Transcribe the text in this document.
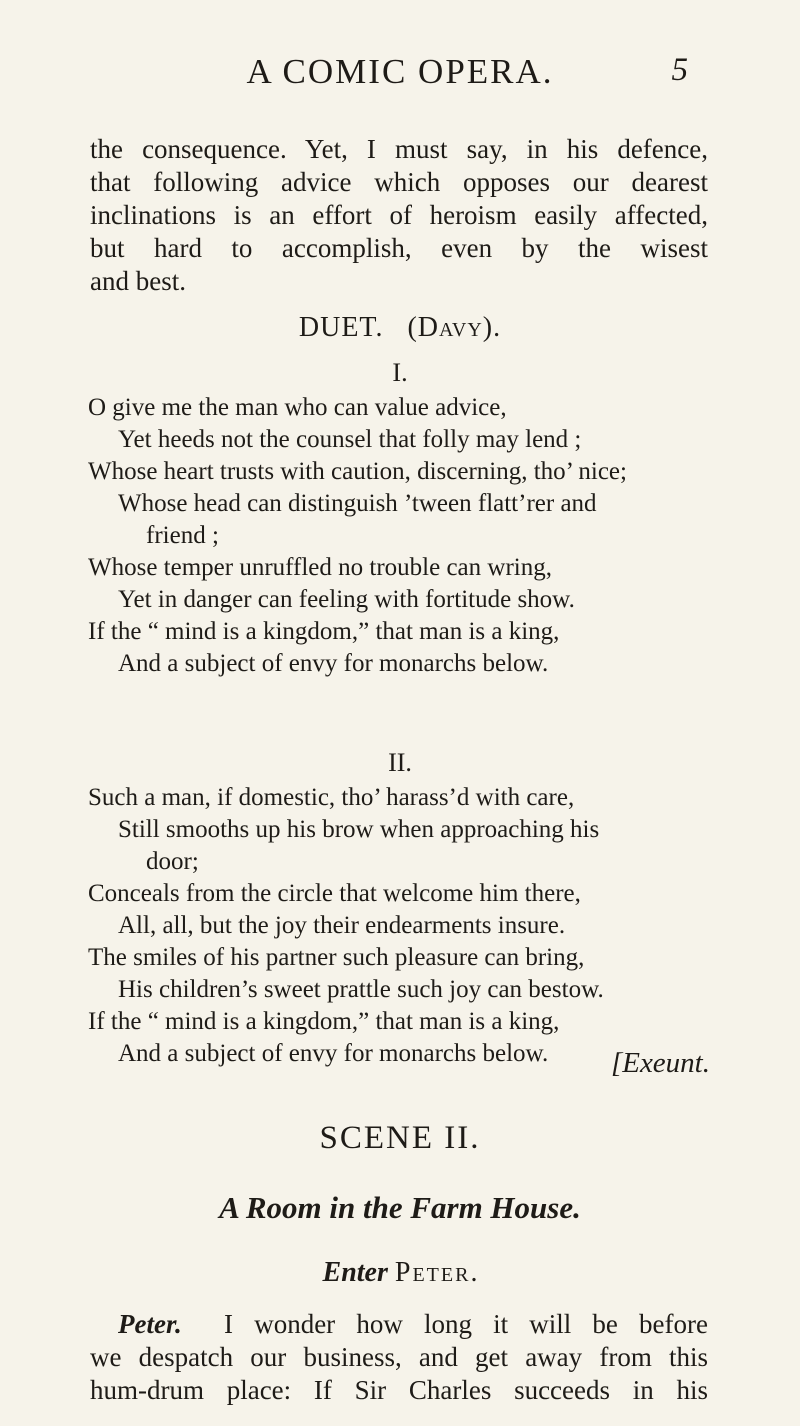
A COMIC OPERA.	5
the consequence. Yet, I must say, in his defence,
that following advice which opposes our dearest
inclinations is an effort of heroism easily affected,
but hard to accomplish, even by the wisest
and best.
DUET. (Davy).
I.
O give me the man who can value advice,
Yet heeds not the counsel that folly may lend ;
Whose heart trusts with caution, discerning, tho’ nice;
Whose head can distinguish ’tween flatt’rer and
friend ;
Whose temper unruffled no trouble can wring,
Yet in danger can feeling with fortitude show.
If the “ mind is a kingdom,” that man is a king,
And a subject of envy for monarchs below.
II.
Such a man, if domestic, tho’ harass’d with care,
Still smooths up his brow when approaching his
door;
Conceals from the circle that welcome him there,
All, all, but the joy their endearments insure.
The smiles of his partner such pleasure can bring,
His children’s sweet prattle such joy can bestow.
If the “ mind is a kingdom,” that man is a king,
And a subject of envy for monarchs below.	[Exeunt.
SCENE II.
A Room in the Farm House.
Enter Peter.
Peter. I wonder how long it will be before
we despatch our business, and get away from this
hum-drum place: If Sir Charles succeeds in his
